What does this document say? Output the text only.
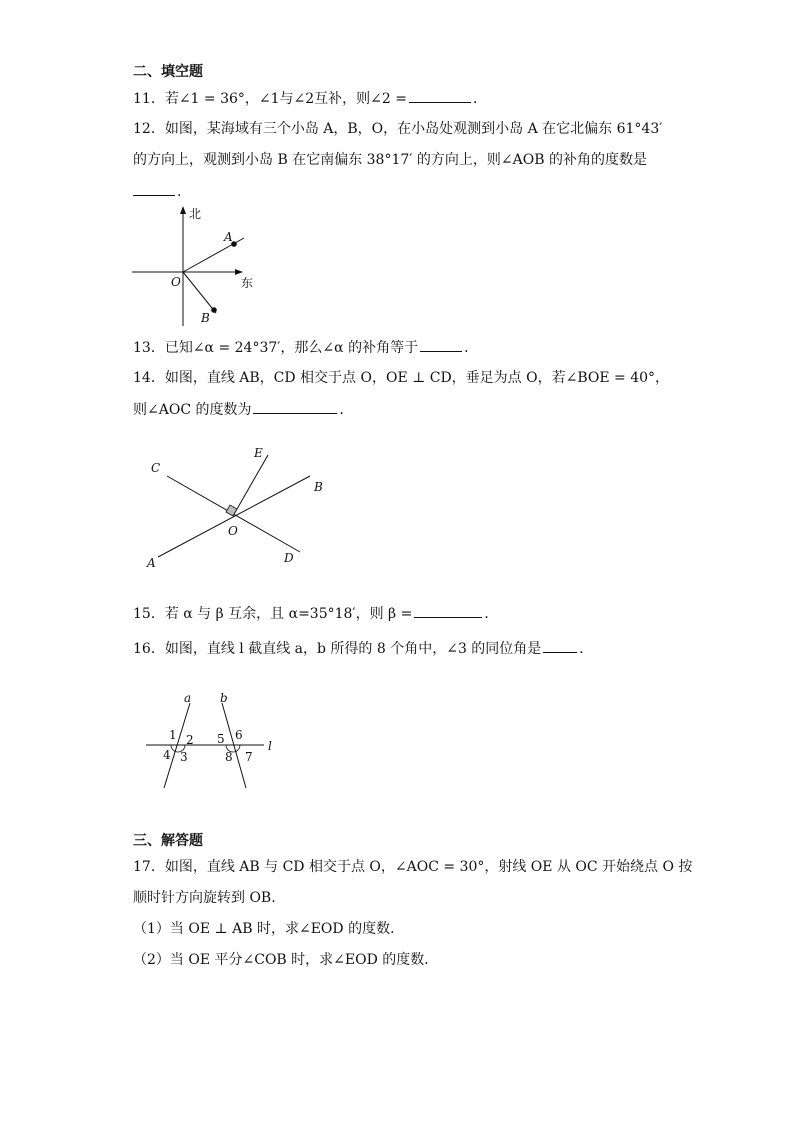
二、填空题
11．若∠1 = 36°，∠1与∠2互补，则∠2 =	．
12．如图，某海域有三个小岛 A，B，O，在小岛处观测到小岛 A 在它北偏东 61°43′
的方向上，观测到小岛 B 在它南偏东 38°17′ 的方向上，则∠AOB 的补角的度数是
．
北
东
A
B
O
13．已知∠α = 24°37′，那么∠α 的补角等于	．
14．如图，直线 AB，CD 相交于点 O，OE ⊥ CD，垂足为点 O，若∠BOE = 40°，
则∠AOC 的度数为	．
C
E
B
O
D
A
15．若 α 与 β 互余，且 α=35°18′，则 β =	．
16．如图，直线 l 截直线 a，b 所得的 8 个角中，∠3 的同位角是	．
a b
l
1 2
3
4
5 6
7
8
三、解答题
17．如图，直线 AB 与 CD 相交于点 O，∠AOC = 30°，射线 OE 从 OC 开始绕点 O 按
顺时针方向旋转到 OB.
（1）当 OE ⊥ AB 时，求∠EOD 的度数．
（2）当 OE 平分∠COB 时，求∠EOD 的度数．
